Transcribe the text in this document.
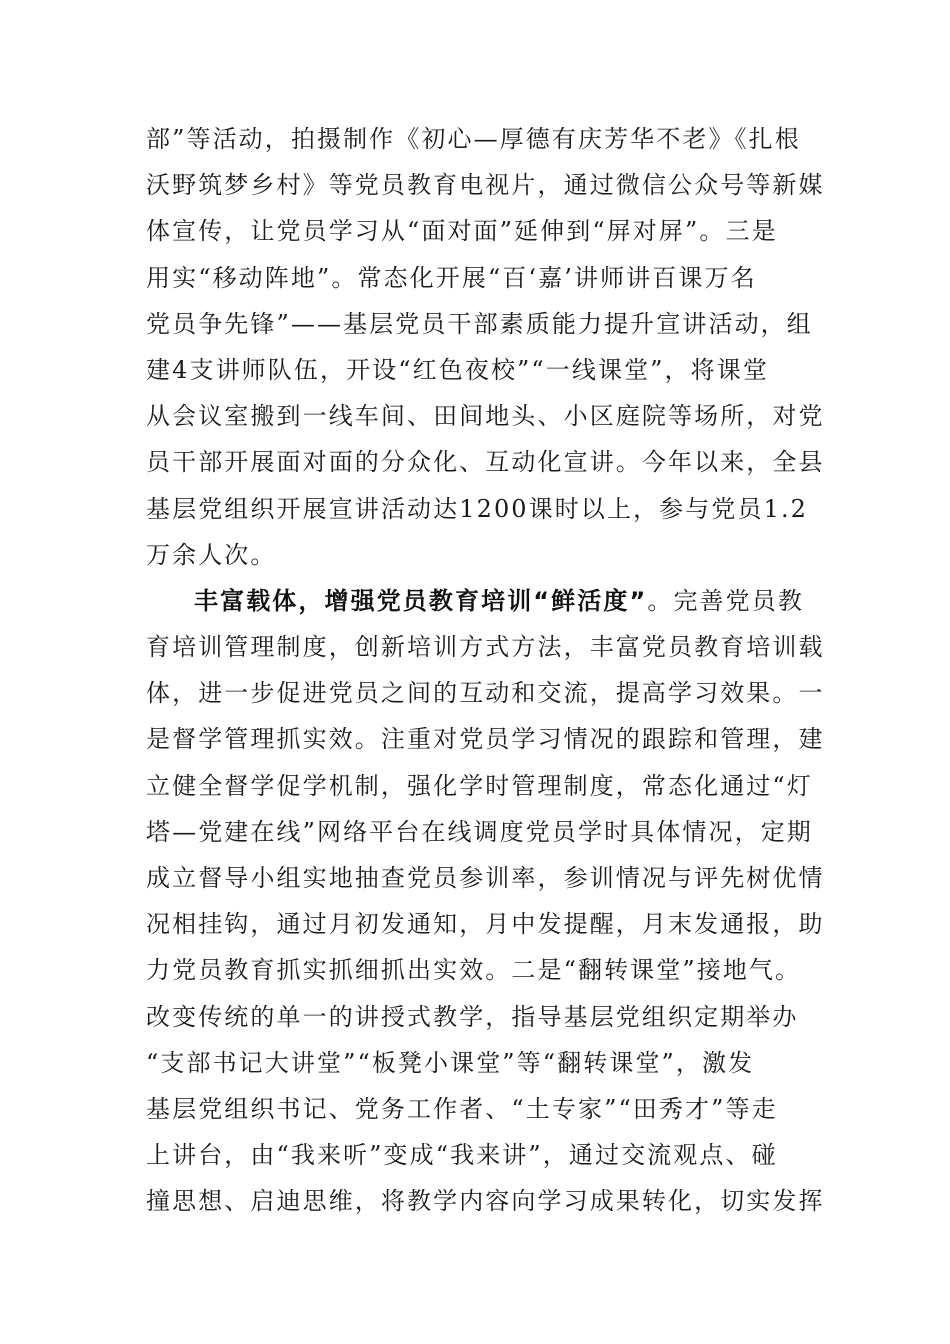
部”等活动，拍摄制作《初心—厚德有庆芳华不老》《扎根
沃野筑梦乡村》等党员教育电视片，通过微信公众号等新媒
体宣传，让党员学习从“面对面”延伸到“屏对屏”。三是
用实“移动阵地”。常态化开展“百‘嘉’讲师讲百课万名
党员争先锋”——基层党员干部素质能力提升宣讲活动，组
建4支讲师队伍，开设“红色夜校”“一线课堂”，将课堂
从会议室搬到一线车间、田间地头、小区庭院等场所，对党
员干部开展面对面的分众化、互动化宣讲。今年以来，全县
基层党组织开展宣讲活动达1200课时以上，参与党员1.2
万余人次。
丰富载体，增强党员教育培训“鲜活度”。完善党员教
育培训管理制度，创新培训方式方法，丰富党员教育培训载
体，进一步促进党员之间的互动和交流，提高学习效果。一
是督学管理抓实效。注重对党员学习情况的跟踪和管理，建
立健全督学促学机制，强化学时管理制度，常态化通过“灯
塔—党建在线”网络平台在线调度党员学时具体情况，定期
成立督导小组实地抽查党员参训率，参训情况与评先树优情
况相挂钩，通过月初发通知，月中发提醒，月末发通报，助
力党员教育抓实抓细抓出实效。二是“翻转课堂”接地气。
改变传统的单一的讲授式教学，指导基层党组织定期举办
“支部书记大讲堂”“板凳小课堂”等“翻转课堂”，激发
基层党组织书记、党务工作者、“土专家”“田秀才”等走
上讲台，由“我来听”变成“我来讲”，通过交流观点、碰
撞思想、启迪思维，将教学内容向学习成果转化，切实发挥
